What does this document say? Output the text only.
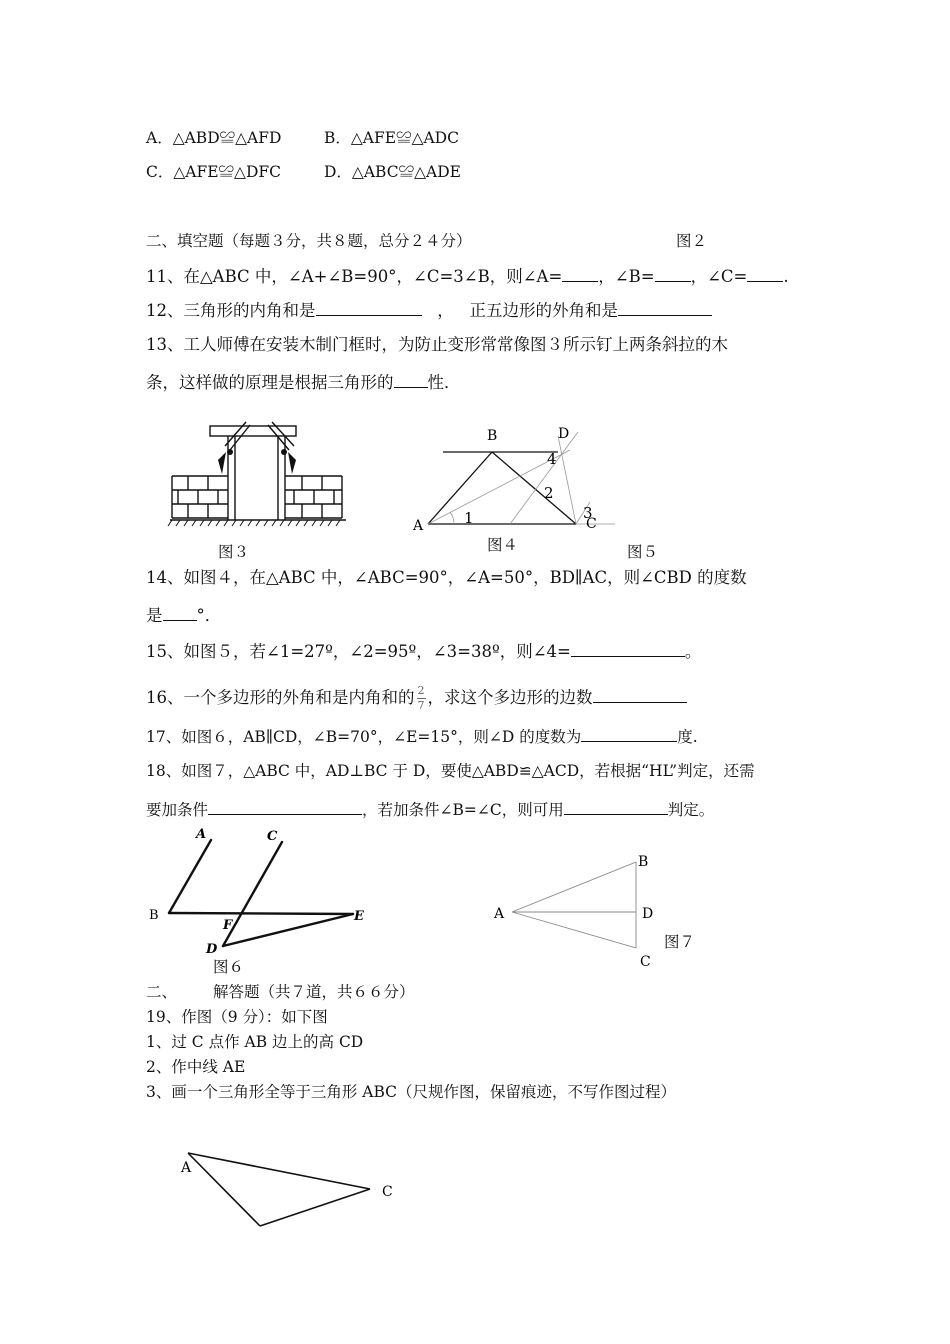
A．△ABD≌△AFD	B．△AFE≌△ADC
C．△AFE≌△DFC	D．△ABC≌△ADE
二、填空题（每题３分，共８题，总分２４分）	图２
11、在△ABC 中，∠A+∠B=90°，∠C=3∠B，则∠A= ，∠B= ，∠C= .
12、三角形的内角和是	， 正五边形的外角和是
13、工人师傅在安装木制门框时，为防止变形常常像图３所示钉上两条斜拉的木
条，这样做的原理是根据三角形的 性．
B	D
A	C
1
2
3
4
图３	图４	图５
14、如图４，在△ABC 中，∠ABC=90°，∠A=50°，BD∥AC，则∠CBD 的度数
是 °．
15、如图５，若∠1=27º，∠2=95º，∠3=38º，则∠4=	。
16、一个多边形的外角和是内角和的 $\frac{2}{7}$ ，求这个多边形的边数
17、如图６，AB∥CD，∠B=70°，∠E=15°，则∠D 的度数为	度.
18、如图７，△ABC 中，AD⊥BC 于 D，要使△ABD≌△ACD，若根据“HL”判定，还需
要加条件	，若加条件∠B=∠C，则可用	判定。
A	C
B
F
E
D
图６
A
B
D
C
图７
二、 解答题（共７道，共６６分）
19、作图（9 分）：如下图
1、过 C 点作 AB 边上的高 CD
2、作中线 AE
3、画一个三角形全等于三角形 ABC（尺规作图，保留痕迹，不写作图过程）
A
C
